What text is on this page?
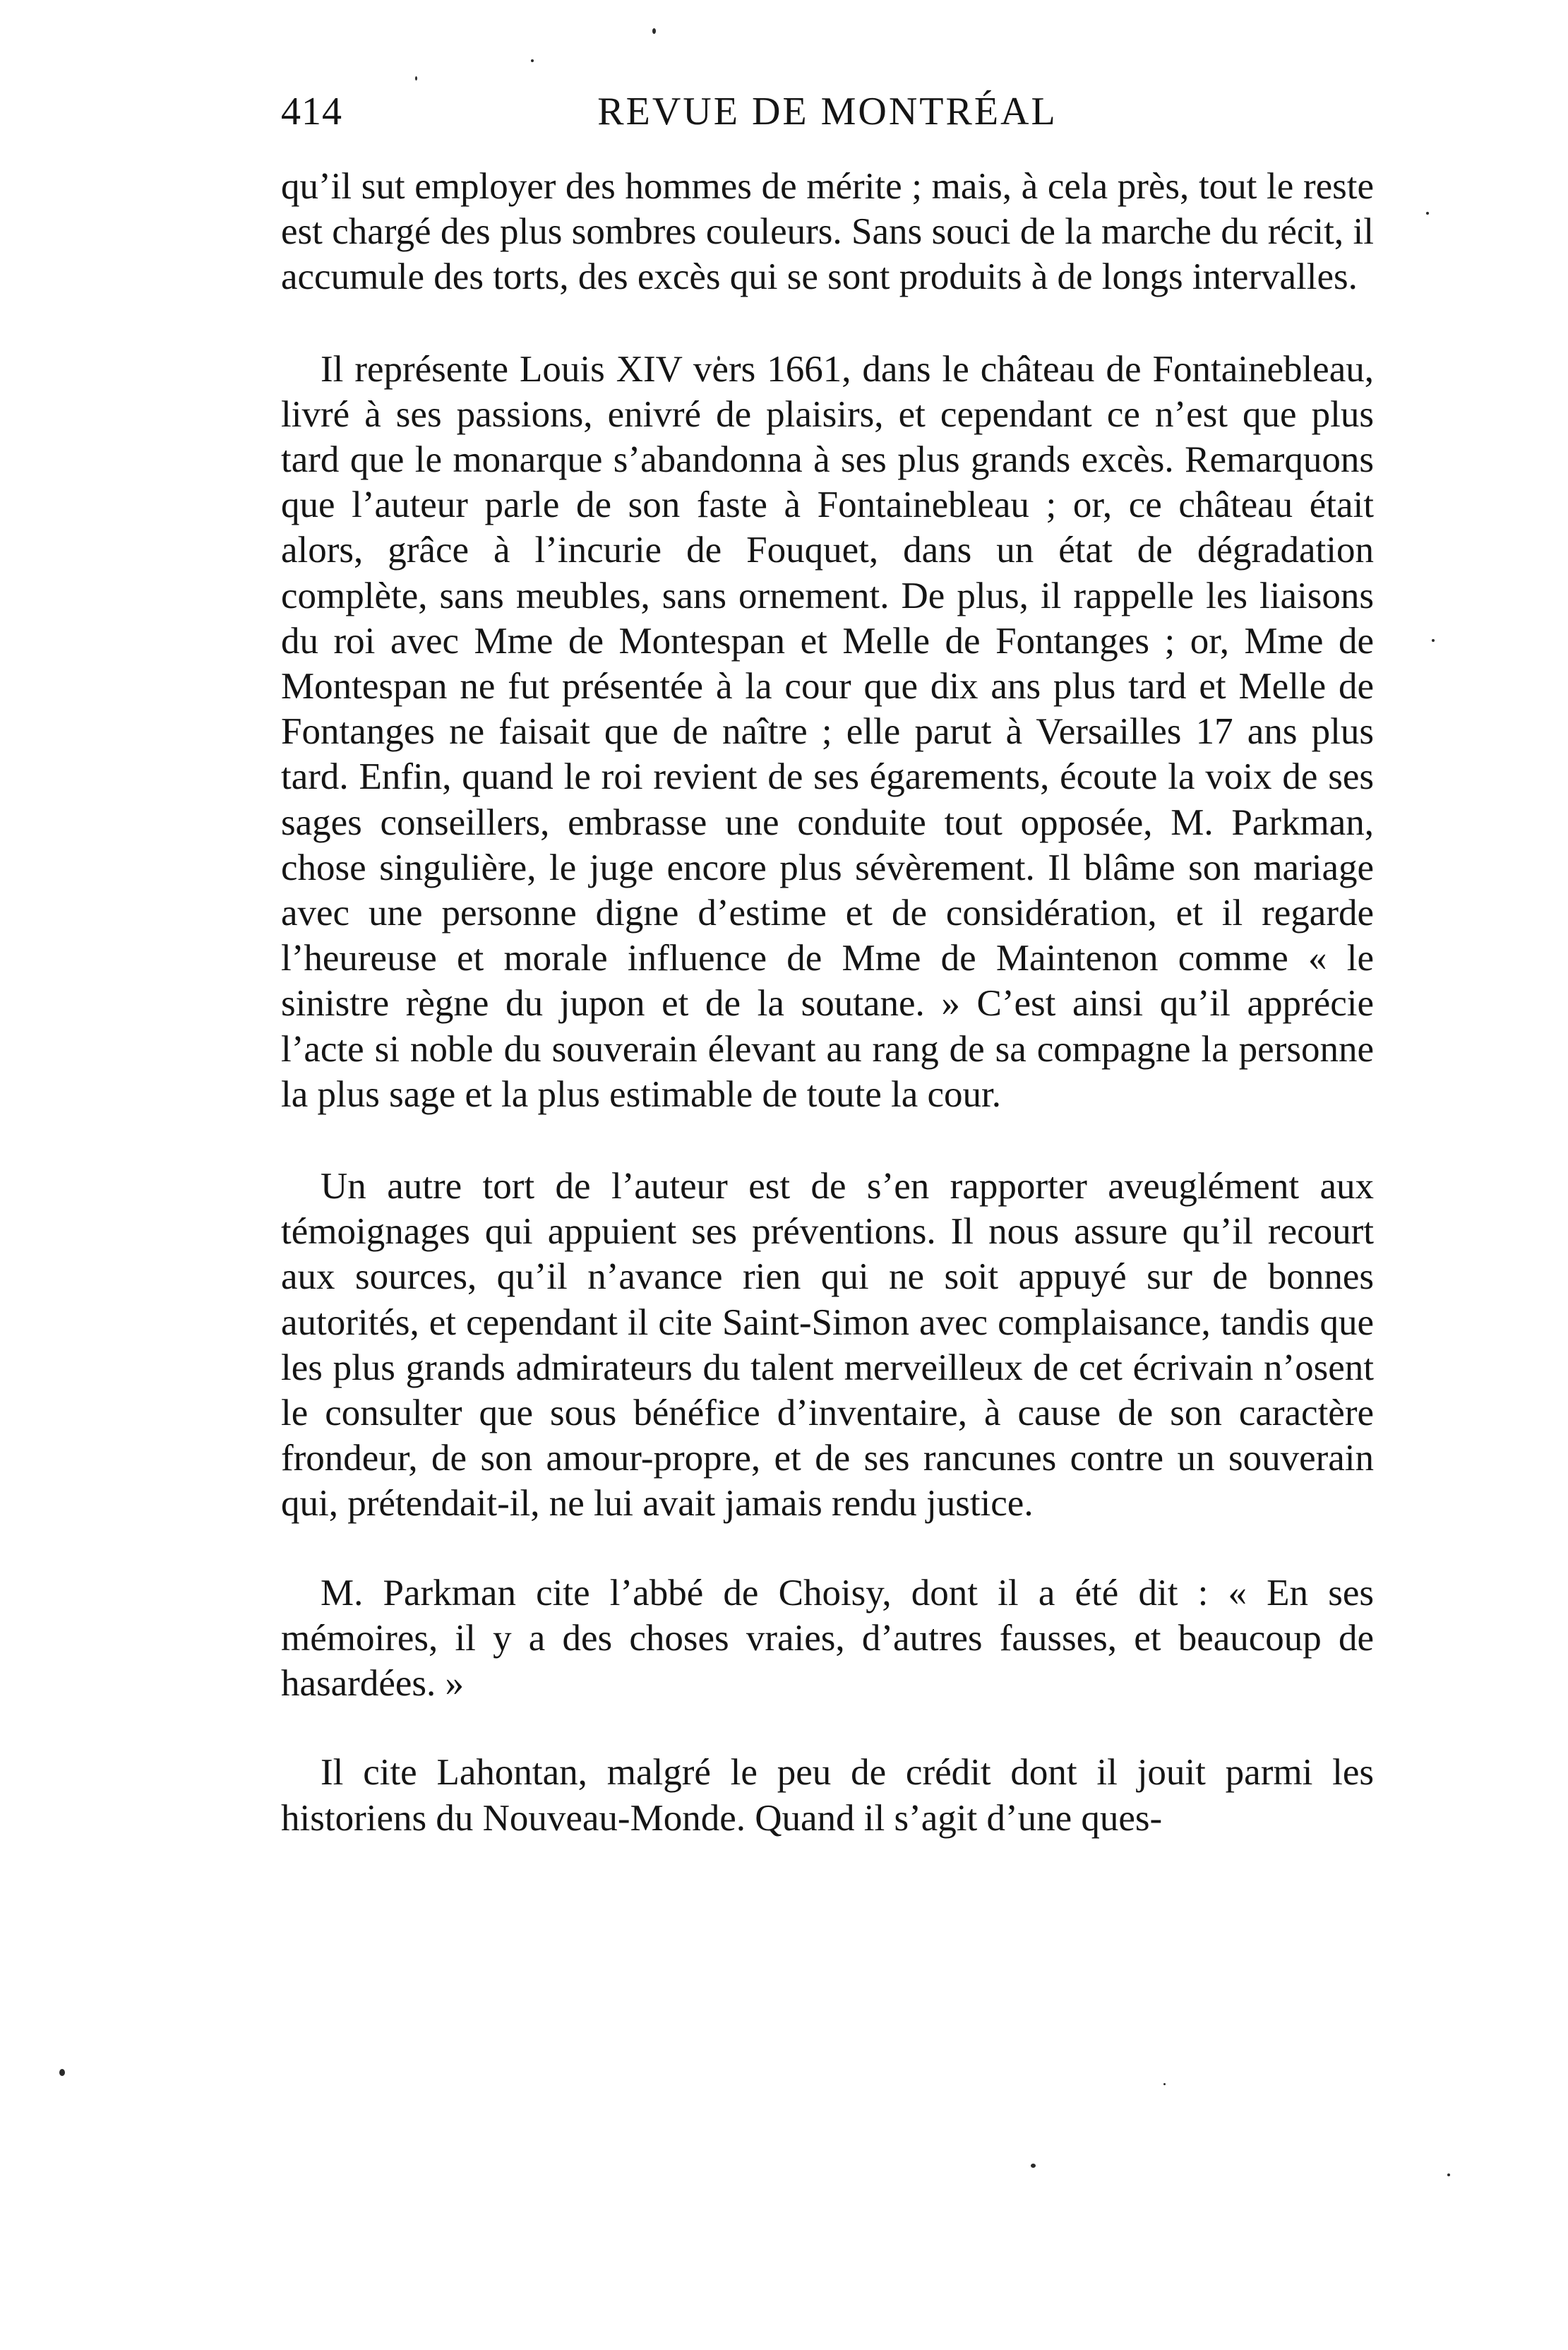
414	REVUE DE MONTRÉAL

qu’il sut employer des hommes de mérite ; mais, à cela près, tout le reste est chargé des plus sombres couleurs. Sans souci de la marche du récit, il accumule des torts, des excès qui se sont produits à de longs intervalles.

Il représente Louis XIV vers 1661, dans le château de Fontainebleau, livré à ses passions, enivré de plaisirs, et cependant ce n’est que plus tard que le monarque s’abandonna à ses plus grands excès. Remarquons que l’auteur parle de son faste à Fontainebleau ; or, ce château était alors, grâce à l’incurie de Fouquet, dans un état de dégradation complète, sans meubles, sans ornement. De plus, il rappelle les liaisons du roi avec Mme de Montespan et Melle de Fontanges ; or, Mme de Montespan ne fut présentée à la cour que dix ans plus tard et Melle de Fontanges ne faisait que de naître ; elle parut à Versailles 17 ans plus tard. Enfin, quand le roi revient de ses égarements, écoute la voix de ses sages conseillers, embrasse une conduite tout opposée, M. Parkman, chose singulière, le juge encore plus sévèrement. Il blâme son mariage avec une personne digne d’estime et de considération, et il regarde l’heureuse et morale influence de Mme de Maintenon comme « le sinistre règne du jupon et de la soutane. » C’est ainsi qu’il apprécie l’acte si noble du souverain élevant au rang de sa compagne la personne la plus sage et la plus estimable de toute la cour.

Un autre tort de l’auteur est de s’en rapporter aveuglément aux témoignages qui appuient ses préventions. Il nous assure qu’il recourt aux sources, qu’il n’avance rien qui ne soit appuyé sur de bonnes autorités, et cependant il cite Saint-Simon avec complaisance, tandis que les plus grands admirateurs du talent merveilleux de cet écrivain n’osent le consulter que sous bénéfice d’inventaire, à cause de son caractère frondeur, de son amour-propre, et de ses rancunes contre un souverain qui, prétendait-il, ne lui avait jamais rendu justice.

M. Parkman cite l’abbé de Choisy, dont il a été dit : « En ses mémoires, il y a des choses vraies, d’autres fausses, et beaucoup de hasardées. »

Il cite Lahontan, malgré le peu de crédit dont il jouit parmi les historiens du Nouveau-Monde. Quand il s’agit d’une ques-
